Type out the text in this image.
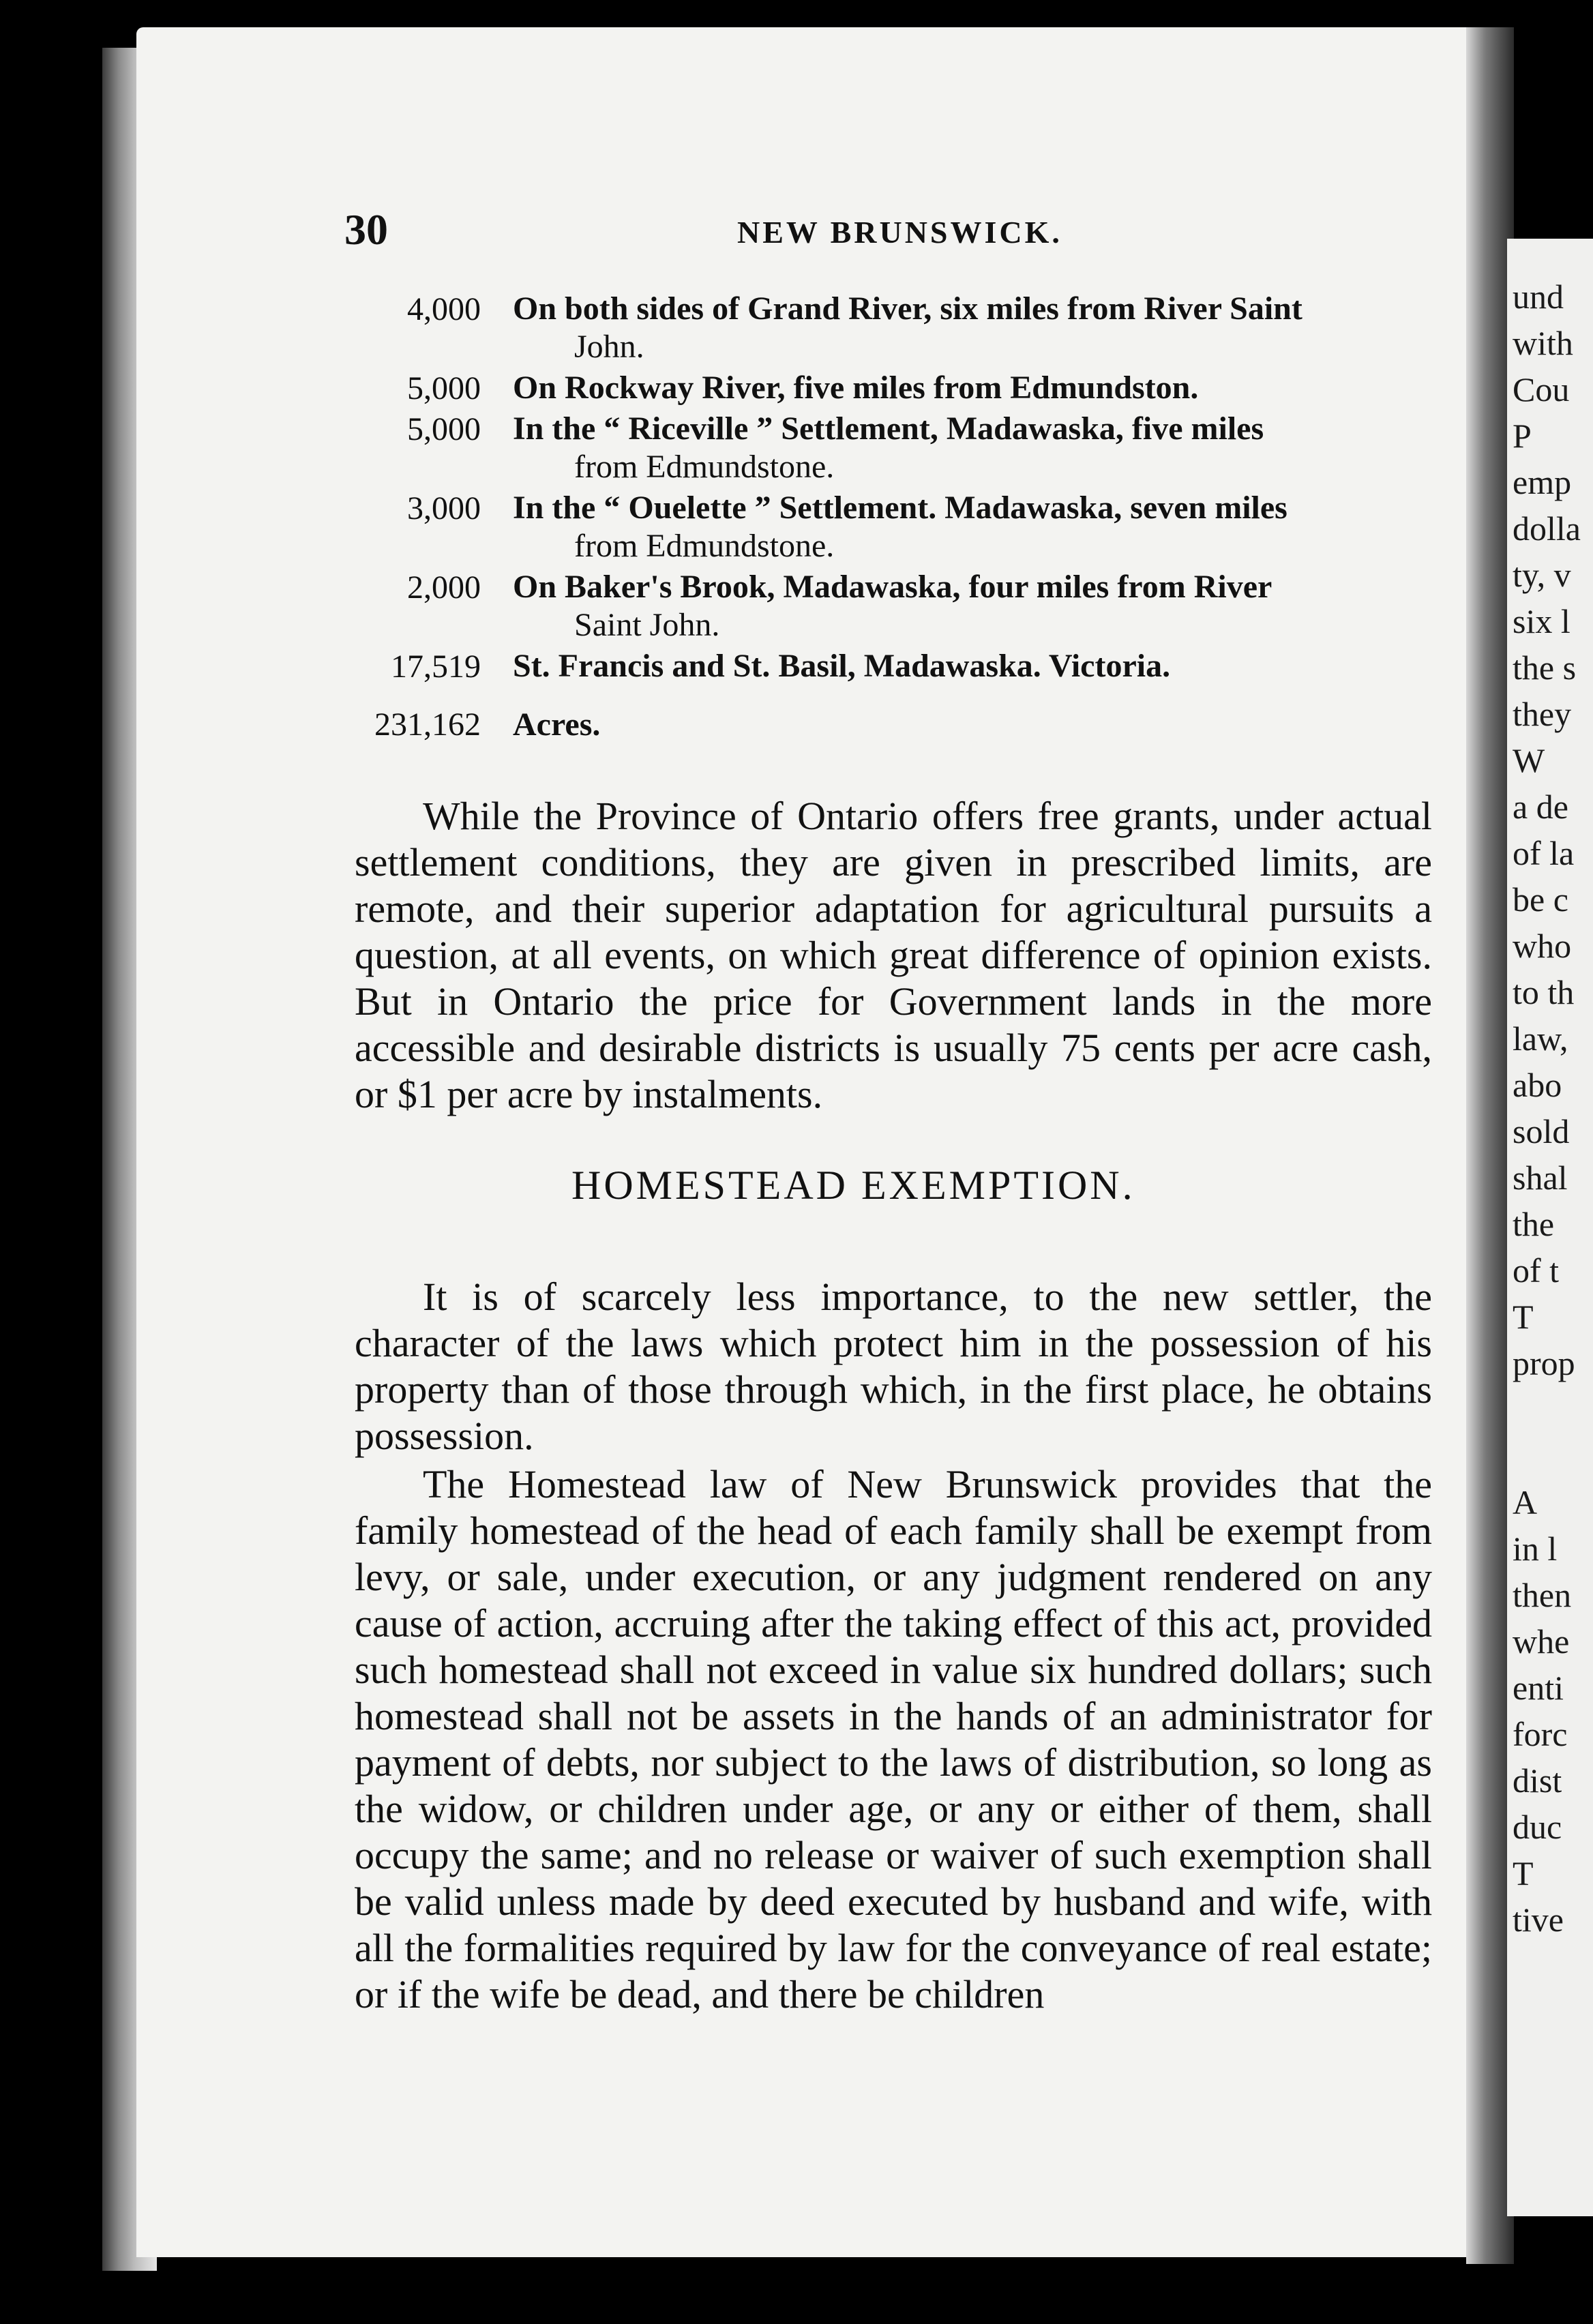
und
with
Cou
P
emp
dolla
ty, v
six l
the s
they
W
a de
of la
be c
who
to th
law,
abo
sold
shal
the
of t
T
prop
A
in l
then
whe
enti
forc
dist
duc
T
tive
30	NEW BRUNSWICK.
4,000 On both sides of Grand River, six miles from River Saint
John.
5,000 On Rockway River, five miles from Edmundston.
5,000 In the “ Riceville ” Settlement, Madawaska, five miles
from Edmundstone.
3,000 In the “ Ouelette ” Settlement. Madawaska, seven miles
from Edmundstone.
2,000 On Baker's Brook, Madawaska, four miles from River
Saint John.
17,519 St. Francis and St. Basil, Madawaska. Victoria.
231,162 Acres.

While the Province of Ontario offers free grants, under actual settlement conditions, they are given in prescribed limits, are remote, and their superior adaptation for agricultural pursuits a question, at all events, on which great difference of opinion exists. But in Ontario the price for Government lands in the more accessible and desirable districts is usually 75 cents per acre cash, or $1 per acre by instalments.

HOMESTEAD EXEMPTION.

It is of scarcely less importance, to the new settler, the character of the laws which protect him in the possession of his property than of those through which, in the first place, he obtains possession.

The Homestead law of New Brunswick provides that the family homestead of the head of each family shall be exempt from levy, or sale, under execution, or any judgment rendered on any cause of action, accruing after the taking effect of this act, provided such homestead shall not exceed in value six hundred dollars; such homestead shall not be assets in the hands of an administrator for payment of debts, nor subject to the laws of distribution, so long as the widow, or children under age, or any or either of them, shall occupy the same; and no release or waiver of such exemption shall be valid unless made by deed executed by husband and wife, with all the formalities required by law for the conveyance of real estate; or if the wife be dead, and there be children
